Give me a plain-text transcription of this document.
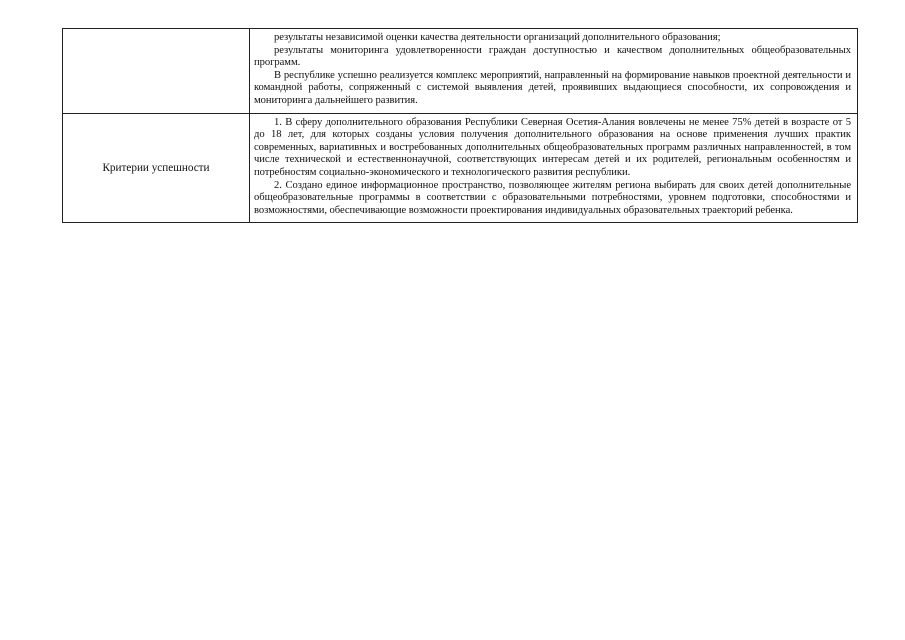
	результаты независимой оценки качества деятельности организаций дополнительного образования;

результаты мониторинга удовлетворенности граждан доступностью и качеством дополнительных общеобразовательных программ.

В республике успешно реализуется комплекс мероприятий, направленный на формирование навыков проектной деятельности и командной работы, сопряженный с системой выявления детей, проявивших выдающиеся способности, их сопровождения и мониторинга дальнейшего развития.

Критерии успешности	1. В сферу дополнительного образования Республики Северная Осетия-Алания вовлечены не менее 75% детей в возрасте от 5 до 18 лет, для которых созданы условия получения дополнительного образования на основе применения лучших практик современных, вариативных и востребованных дополнительных общеобразовательных программ различных направленностей, в том числе технической и естественнонаучной, соответствующих интересам детей и их родителей, региональным особенностям и потребностям социально-экономического и технологического развития республики.

2. Создано единое информационное пространство, позволяющее жителям региона выбирать для своих детей дополнительные общеобразовательные программы в соответствии с образовательными потребностями, уровнем подготовки, способностями и возможностями, обеспечивающие возможности проектирования индивидуальных образовательных траекторий ребенка.
